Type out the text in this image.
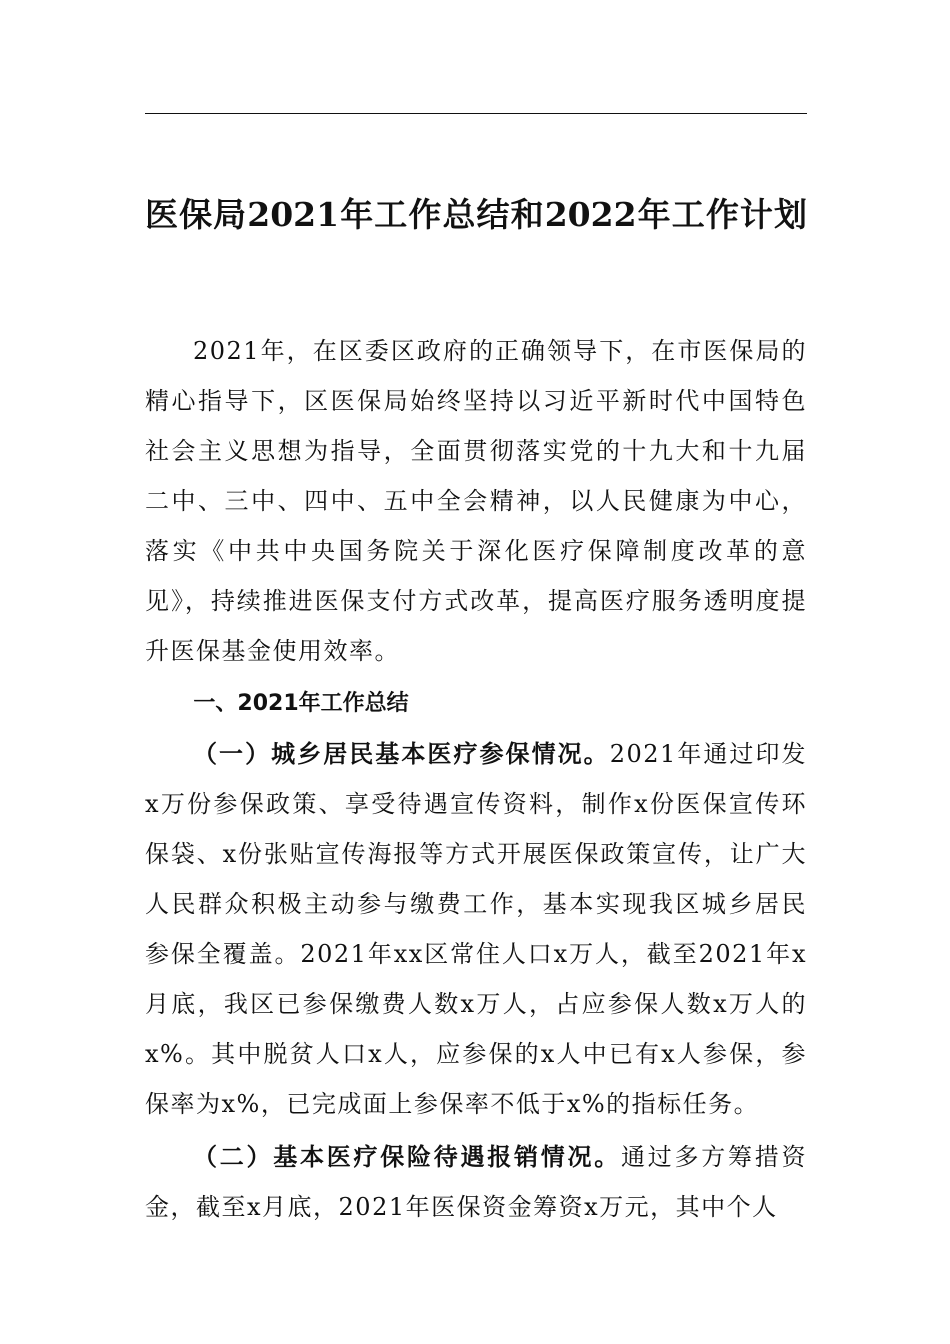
医保局2021年工作总结和2022年工作计划

2021年，在区委区政府的正确领导下，在市医保局的精心指导下，区医保局始终坚持以习近平新时代中国特色社会主义思想为指导，全面贯彻落实党的十九大和十九届二中、三中、四中、五中全会精神，以人民健康为中心，落实《中共中央国务院关于深化医疗保障制度改革的意见》，持续推进医保支付方式改革，提高医疗服务透明度提升医保基金使用效率。

一、2021年工作总结

（一）城乡居民基本医疗参保情况。2021年通过印发x万份参保政策、享受待遇宣传资料，制作x份医保宣传环保袋、x份张贴宣传海报等方式开展医保政策宣传，让广大人民群众积极主动参与缴费工作，基本实现我区城乡居民参保全覆盖。2021年xx区常住人口x万人，截至2021年x月底，我区已参保缴费人数x万人，占应参保人数x万人的x%。其中脱贫人口x人，应参保的x人中已有x人参保，参保率为x%，已完成面上参保率不低于x%的指标任务。

（二）基本医疗保险待遇报销情况。通过多方筹措资金，截至x月底，2021年医保资金筹资x万元，其中个人
